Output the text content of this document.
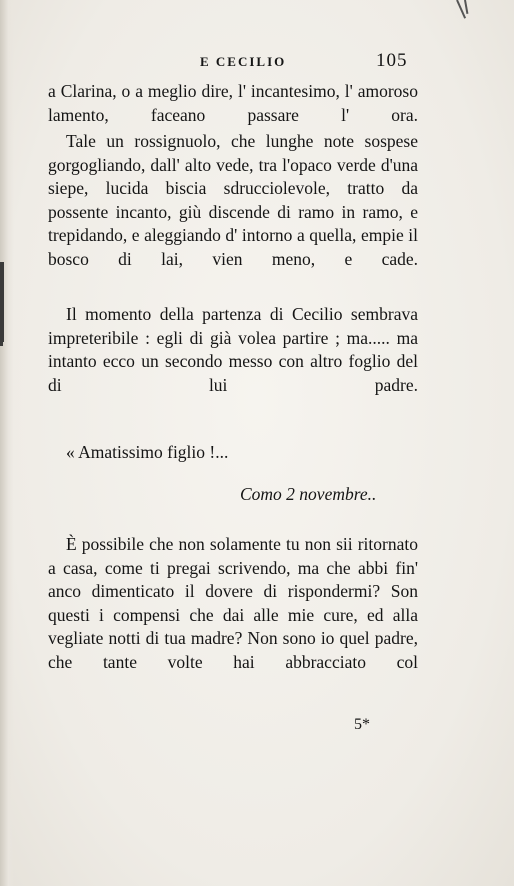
E CECILIO	105

a Clarina, o a meglio dire, l' incantesimo, l' amoroso lamento, faceano passare l' ora.

Tale un rossignuolo, che lunghe note sospese gorgogliando, dall' alto vede, tra l'opaco verde d'una siepe, lucida biscia sdrucciolevole, tratto da possente incanto, giù discende di ramo in ramo, e trepidando, e aleggiando d' intorno a quella, empie il bosco di lai, vien meno, e cade.

Il momento della partenza di Cecilio sembrava impreteribile : egli di già volea partire ; ma..... ma intanto ecco un secondo messo con altro foglio del di lui padre.

« Amatissimo figlio !...
Como 2 novembre..

È possibile che non solamente tu non sii ritornato a casa, come ti pregai scrivendo, ma che abbi fin' anco dimenticato il dovere di rispondermi? Son questi i compensi che dai alle mie cure, ed alla vegliate notti di tua madre? Non sono io quel padre, che tante volte hai abbracciato col

5*
